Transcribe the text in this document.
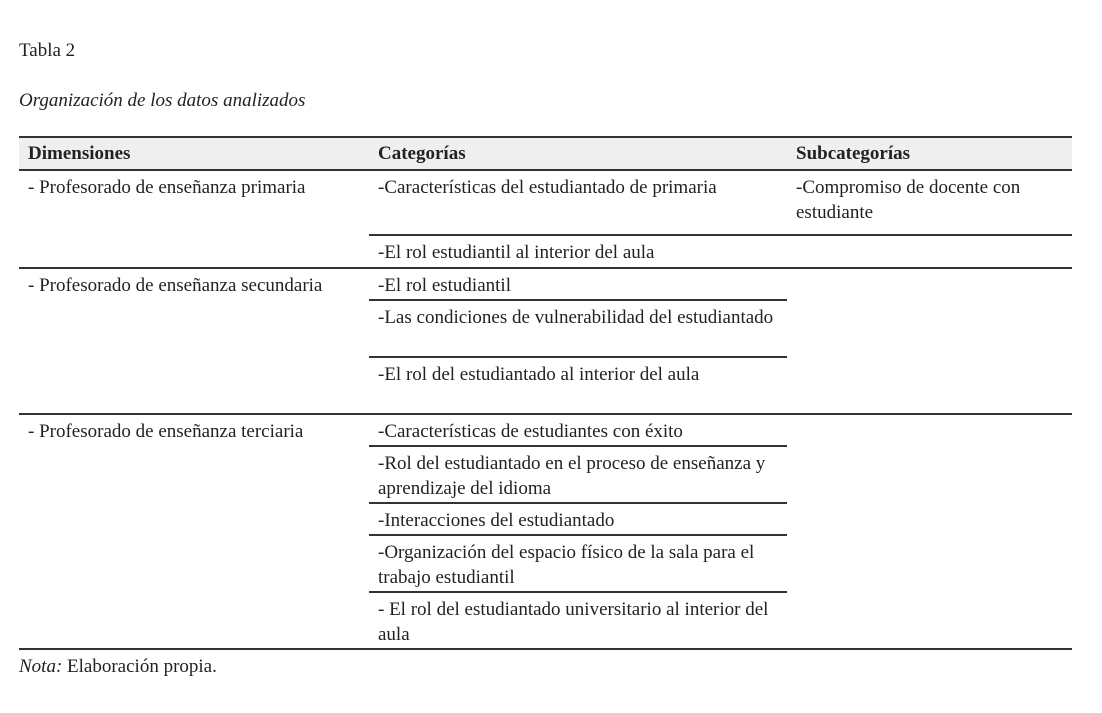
Tabla 2
Organización de los datos analizados
Dimensiones	Categorías	Subcategorías
- Profesorado de enseñanza primaria	-Características del estudiantado de primaria	-Compromiso de docente con estudiante
-El rol estudiantil al interior del aula
- Profesorado de enseñanza secundaria	-El rol estudiantil
-Las condiciones de vulnerabilidad del estudiantado
-El rol del estudiantado al interior del aula
- Profesorado de enseñanza terciaria	-Características de estudiantes con éxito
-Rol del estudiantado en el proceso de enseñanza y aprendizaje del idioma
-Interacciones del estudiantado
-Organización del espacio físico de la sala para el trabajo estudiantil
- El rol del estudiantado universitario al interior del aula
Nota: Elaboración propia.
